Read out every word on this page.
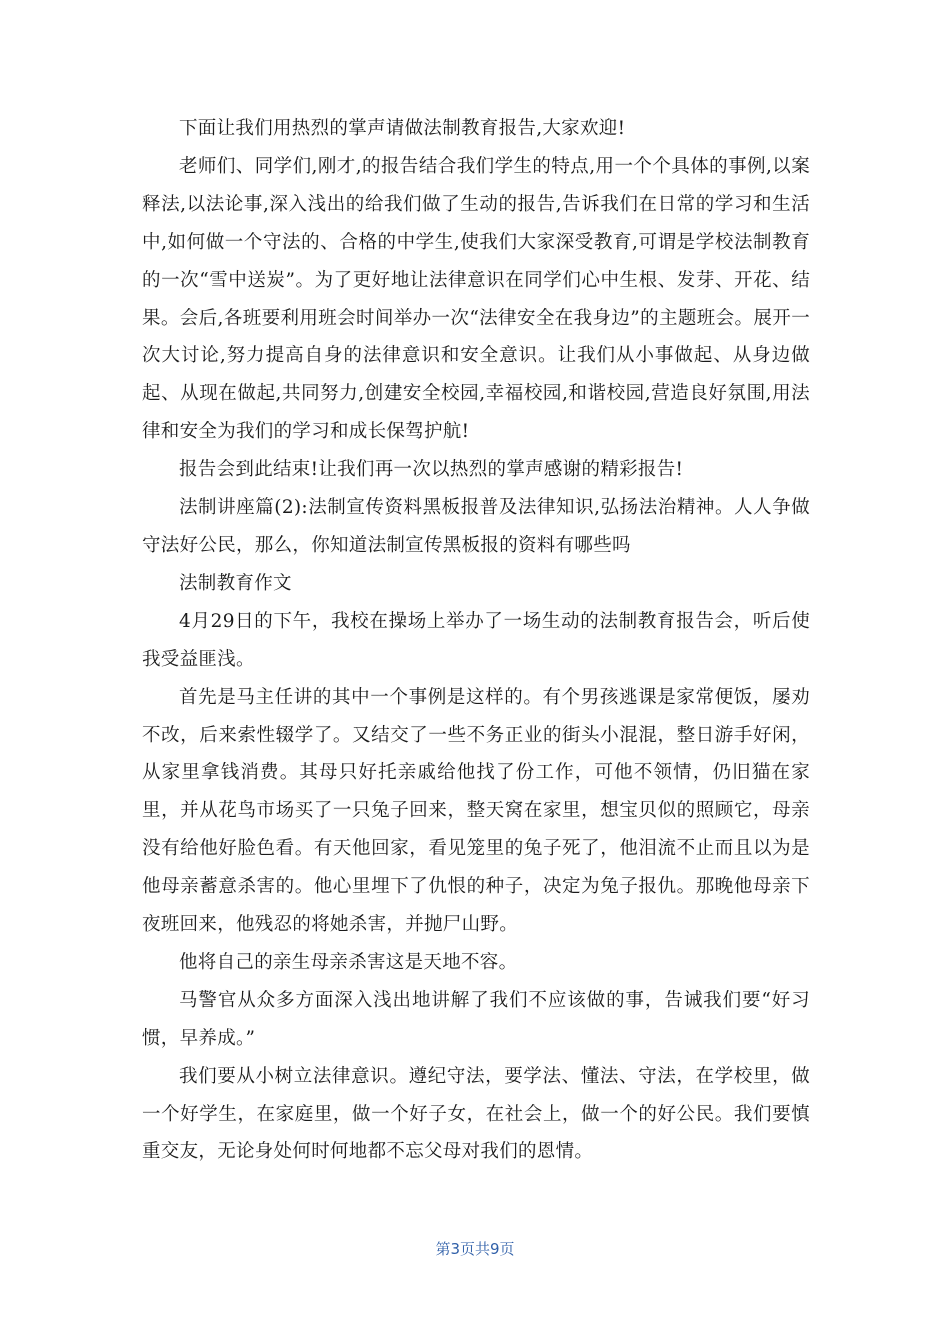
下面让我们用热烈的掌声请做法制教育报告,大家欢迎!

老师们、同学们,刚才,的报告结合我们学生的特点,用一个个具体的事例,以案释法,以法论事,深入浅出的给我们做了生动的报告,告诉我们在日常的学习和生活中,如何做一个守法的、合格的中学生,使我们大家深受教育,可谓是学校法制教育的一次“雪中送炭”。为了更好地让法律意识在同学们心中生根、发芽、开花、结果。会后,各班要利用班会时间举办一次“法律安全在我身边”的主题班会。展开一次大讨论,努力提高自身的法律意识和安全意识。让我们从小事做起、从身边做起、从现在做起,共同努力,创建安全校园,幸福校园,和谐校园,营造良好氛围,用法律和安全为我们的学习和成长保驾护航!

报告会到此结束!让我们再一次以热烈的掌声感谢的精彩报告!

法制讲座篇(2):法制宣传资料黑板报普及法律知识,弘扬法治精神。人人争做守法好公民，那么，你知道法制宣传黑板报的资料有哪些吗

法制教育作文

4月29日的下午，我校在操场上举办了一场生动的法制教育报告会，听后使我受益匪浅。

首先是马主任讲的其中一个事例是这样的。有个男孩逃课是家常便饭，屡劝不改，后来索性辍学了。又结交了一些不务正业的街头小混混，整日游手好闲，从家里拿钱消费。其母只好托亲戚给他找了份工作，可他不领情，仍旧猫在家里，并从花鸟市场买了一只兔子回来，整天窝在家里，想宝贝似的照顾它，母亲没有给他好脸色看。有天他回家，看见笼里的兔子死了，他泪流不止而且以为是他母亲蓄意杀害的。他心里埋下了仇恨的种子，决定为兔子报仇。那晚他母亲下夜班回来，他残忍的将她杀害，并抛尸山野。

他将自己的亲生母亲杀害这是天地不容。

马警官从众多方面深入浅出地讲解了我们不应该做的事，告诫我们要“好习惯，早养成。”

我们要从小树立法律意识。遵纪守法，要学法、懂法、守法，在学校里，做一个好学生，在家庭里，做一个好子女，在社会上，做一个的好公民。我们要慎重交友，无论身处何时何地都不忘父母对我们的恩情。

第3页共9页
